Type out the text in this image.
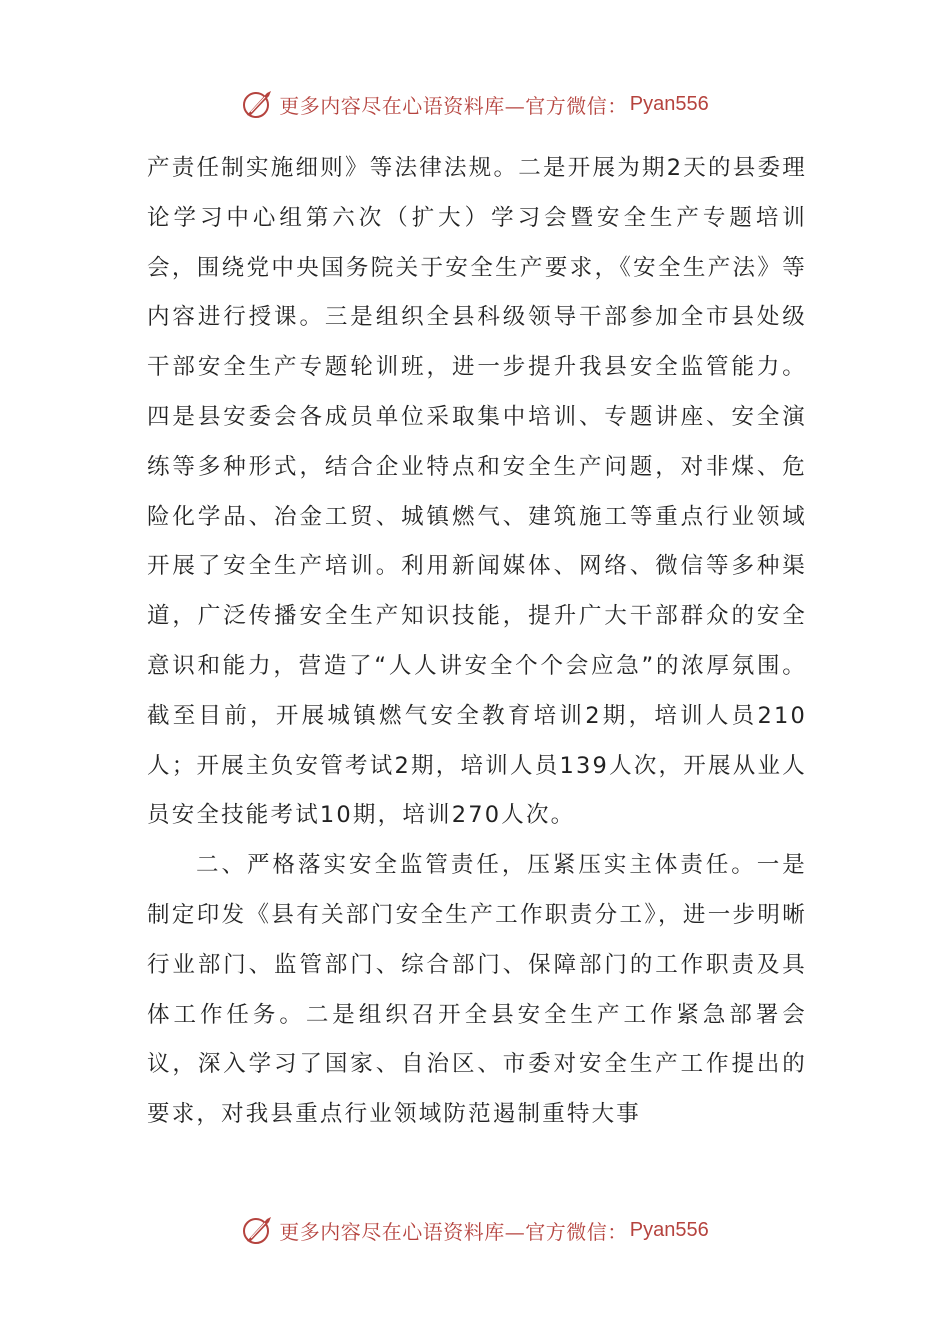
更多内容尽在心语资料库—官方微信： Pyan556

产责任制实施细则》等法律法规。二是开展为期2天的县委理论学习中心组第六次（扩大）学习会暨安全生产专题培训会，围绕党中央国务院关于安全生产要求，《安全生产法》等内容进行授课。三是组织全县科级领导干部参加全市县处级干部安全生产专题轮训班，进一步提升我县安全监管能力。四是县安委会各成员单位采取集中培训、专题讲座、安全演练等多种形式，结合企业特点和安全生产问题，对非煤、危险化学品、冶金工贸、城镇燃气、建筑施工等重点行业领域开展了安全生产培训。利用新闻媒体、网络、微信等多种渠道，广泛传播安全生产知识技能，提升广大干部群众的安全意识和能力，营造了“人人讲安全个个会应急”的浓厚氛围。截至目前，开展城镇燃气安全教育培训2期，培训人员210人；开展主负安管考试2期，培训人员139人次，开展从业人员安全技能考试10期，培训270人次。

二、严格落实安全监管责任，压紧压实主体责任。一是制定印发《县有关部门安全生产工作职责分工》，进一步明晰行业部门、监管部门、综合部门、保障部门的工作职责及具体工作任务。二是组织召开全县安全生产工作紧急部署会议，深入学习了国家、自治区、市委对安全生产工作提出的要求，对我县重点行业领域防范遏制重特大事

更多内容尽在心语资料库—官方微信： Pyan556
